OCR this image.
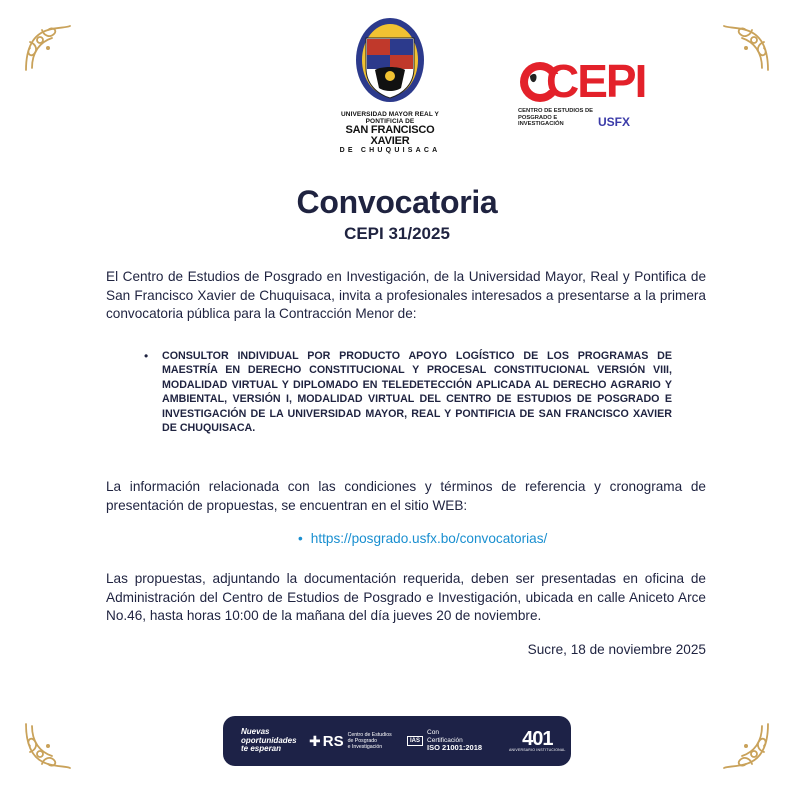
UNIVERSIDAD MAYOR REAL Y PONTIFICIA DE
SAN FRANCISCO XAVIER
DE CHUQUISACA
CEPI
CENTRO DE ESTUDIOS DE
POSGRADO E INVESTIGACIÓN	USFX
Convocatoria
CEPI 31/2025
El Centro de Estudios de Posgrado en Investigación, de la Universidad Mayor, Real y Pontifica de San Francisco Xavier de Chuquisaca, invita a profesionales interesados a presentarse a la primera convocatoria pública para la Contracción Menor de:
• CONSULTOR INDIVIDUAL POR PRODUCTO APOYO LOGÍSTICO DE LOS PROGRAMAS DE MAESTRÍA EN DERECHO CONSTITUCIONAL Y PROCESAL CONSTITUCIONAL VERSIÓN VIII, MODALIDAD VIRTUAL Y DIPLOMADO EN TELEDETECCIÓN APLICADA AL DERECHO AGRARIO Y AMBIENTAL, VERSIÓN I, MODALIDAD VIRTUAL DEL CENTRO DE ESTUDIOS DE POSGRADO E INVESTIGACIÓN DE LA UNIVERSIDAD MAYOR, REAL Y PONTIFICIA DE SAN FRANCISCO XAVIER DE CHUQUISACA.
La información relacionada con las condiciones y términos de referencia y cronograma de presentación de propuestas, se encuentran en el sitio WEB:
• https://posgrado.usfx.bo/convocatorias/
Las propuestas, adjuntando la documentación requerida, deben ser presentadas en oficina de Administración del Centro de Estudios de Posgrado e Investigación, ubicada en calle Aniceto Arce No.46, hasta horas 10:00 de la mañana del día jueves 20 de noviembre.
Sucre, 18 de noviembre 2025
Nuevas
oportunidades
te esperan
✚ RS Centro de Estudios
de Posgrado
e Investigación
IAS
Con
Certificación
ISO 21001:2018 401
ANIVERSARIO INSTITUCIONAL
